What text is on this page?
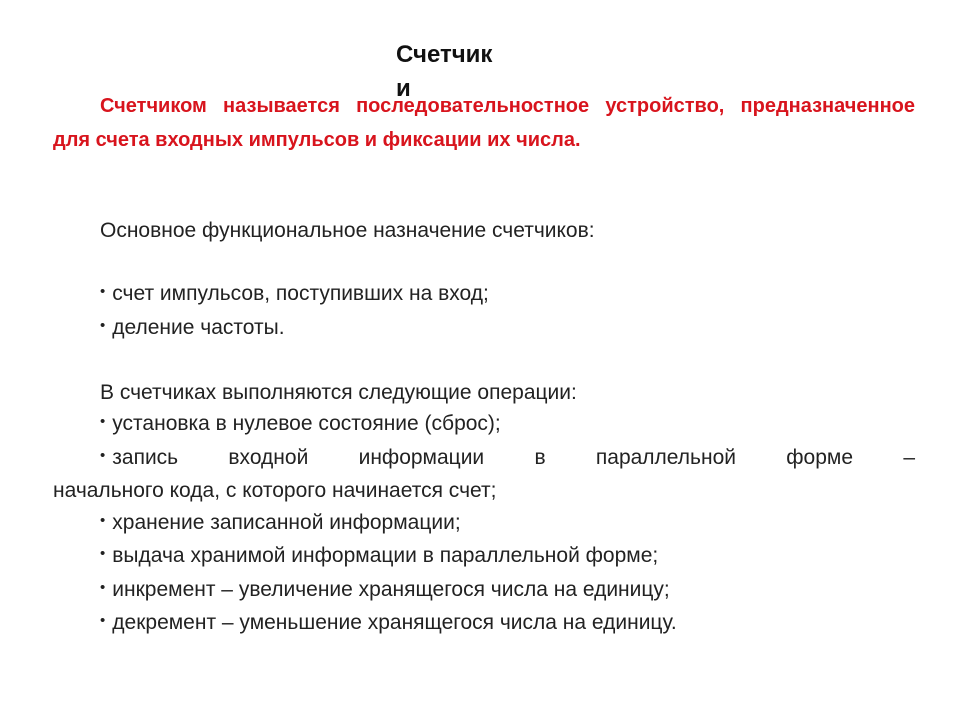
Счетчики
Счетчиком называется последовательностное устройство, предназначенное для счета входных импульсов и фиксации их числа.
Основное функциональное назначение счетчиков:
• счет импульсов, поступивших на вход;
• деление частоты.
В счетчиках выполняются следующие операции:
• установка в нулевое состояние (сброс);
• запись входной информации в параллельной форме –
начального кода, с которого начинается счет;
• хранение записанной информации;
• выдача хранимой информации в параллельной форме;
• инкремент – увеличение хранящегося числа на единицу;
• декремент – уменьшение хранящегося числа на единицу.
